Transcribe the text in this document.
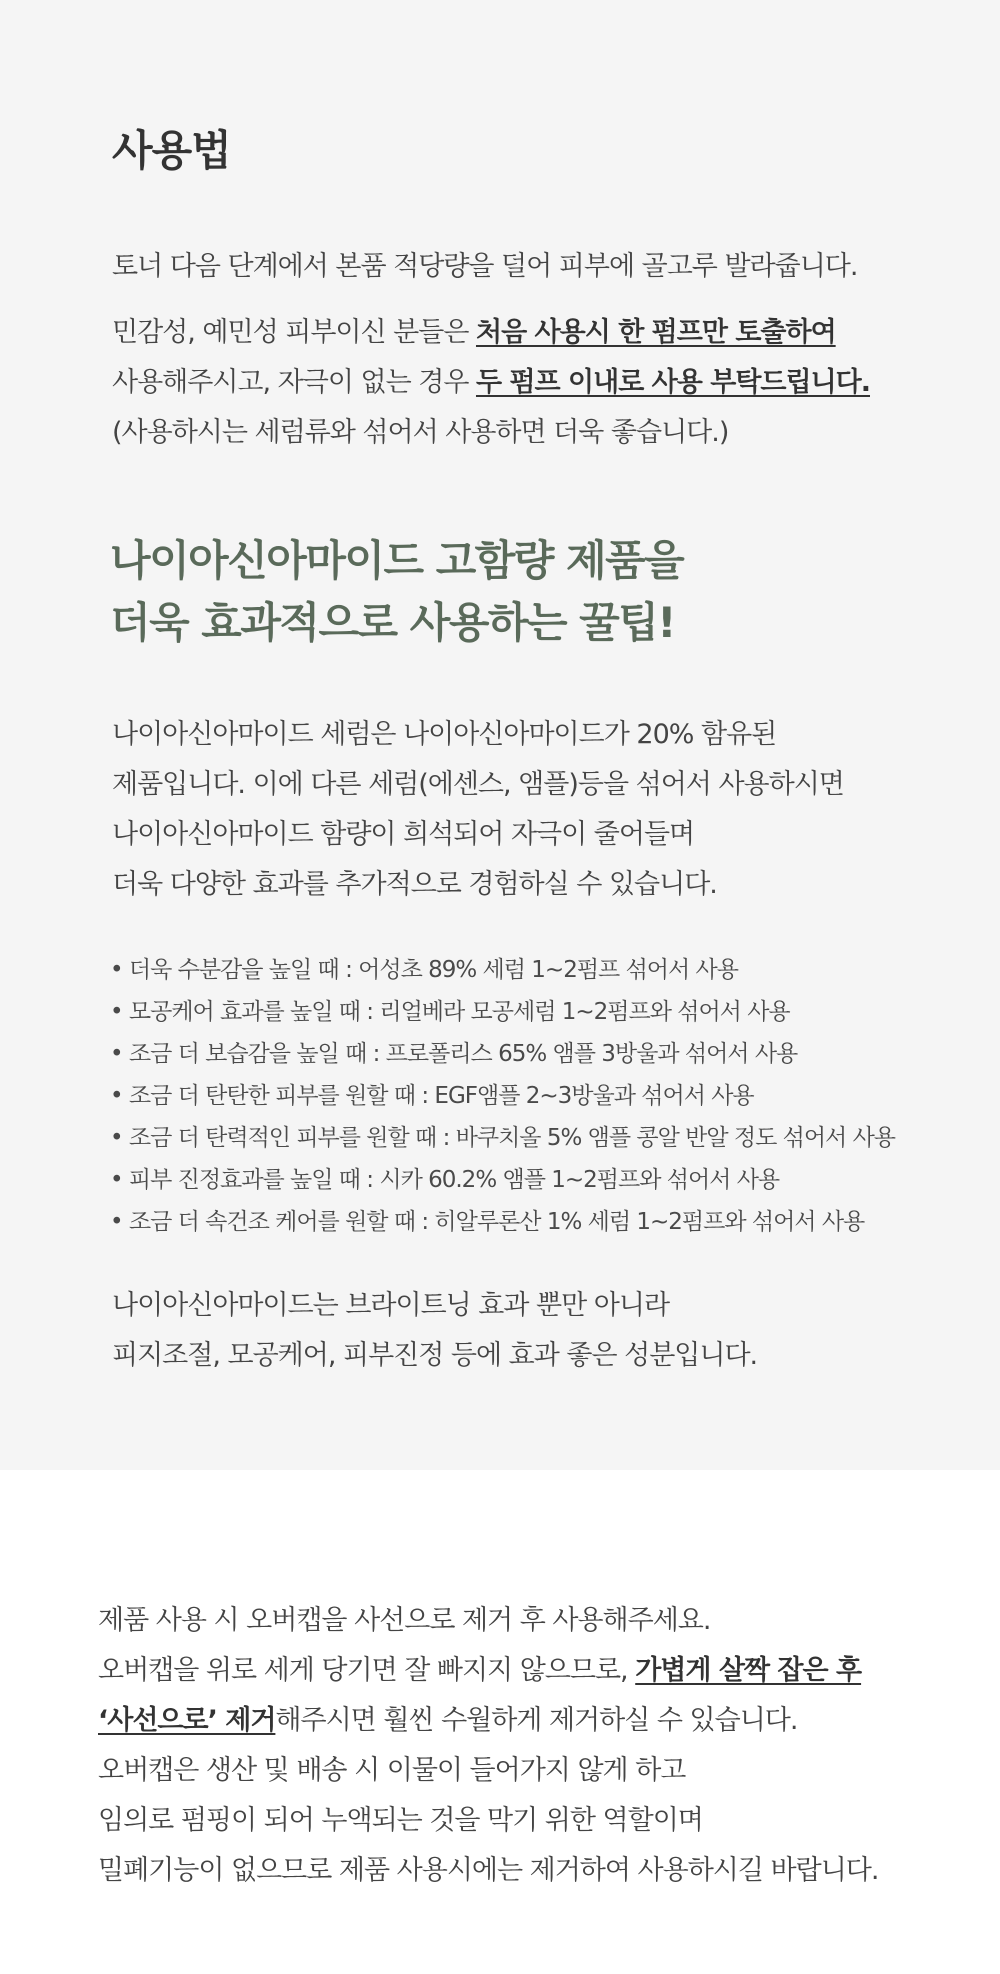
사용법
토너 다음 단계에서 본품 적당량을 덜어 피부에 골고루 발라줍니다.
민감성, 예민성 피부이신 분들은 처음 사용시 한 펌프만 토출하여
사용해주시고, 자극이 없는 경우 두 펌프 이내로 사용 부탁드립니다.
(사용하시는 세럼류와 섞어서 사용하면 더욱 좋습니다.)
나이아신아마이드 고함량 제품을
더욱 효과적으로 사용하는 꿀팁!
나이아신아마이드 세럼은 나이아신아마이드가 20% 함유된
제품입니다. 이에 다른 세럼(에센스, 앰플)등을 섞어서 사용하시면
나이아신아마이드 함량이 희석되어 자극이 줄어들며
더욱 다양한 효과를 추가적으로 경험하실 수 있습니다.
• 더욱 수분감을 높일 때 : 어성초 89% 세럼 1~2펌프 섞어서 사용
• 모공케어 효과를 높일 때 : 리얼베라 모공세럼 1~2펌프와 섞어서 사용
• 조금 더 보습감을 높일 때 : 프로폴리스 65% 앰플 3방울과 섞어서 사용
• 조금 더 탄탄한 피부를 원할 때 : EGF앰플 2~3방울과 섞어서 사용
• 조금 더 탄력적인 피부를 원할 때 : 바쿠치올 5% 앰플 콩알 반알 정도 섞어서 사용
• 피부 진정효과를 높일 때 : 시카 60.2% 앰플 1~2펌프와 섞어서 사용
• 조금 더 속건조 케어를 원할 때 : 히알루론산 1% 세럼 1~2펌프와 섞어서 사용
나이아신아마이드는 브라이트닝 효과 뿐만 아니라
피지조절, 모공케어, 피부진정 등에 효과 좋은 성분입니다.
제품 사용 시 오버캡을 사선으로 제거 후 사용해주세요.
오버캡을 위로 세게 당기면 잘 빠지지 않으므로, 가볍게 살짝 잡은 후
‘사선으로’ 제거해주시면 훨씬 수월하게 제거하실 수 있습니다.
오버캡은 생산 및 배송 시 이물이 들어가지 않게 하고
임의로 펌핑이 되어 누액되는 것을 막기 위한 역할이며
밀폐기능이 없으므로 제품 사용시에는 제거하여 사용하시길 바랍니다.
